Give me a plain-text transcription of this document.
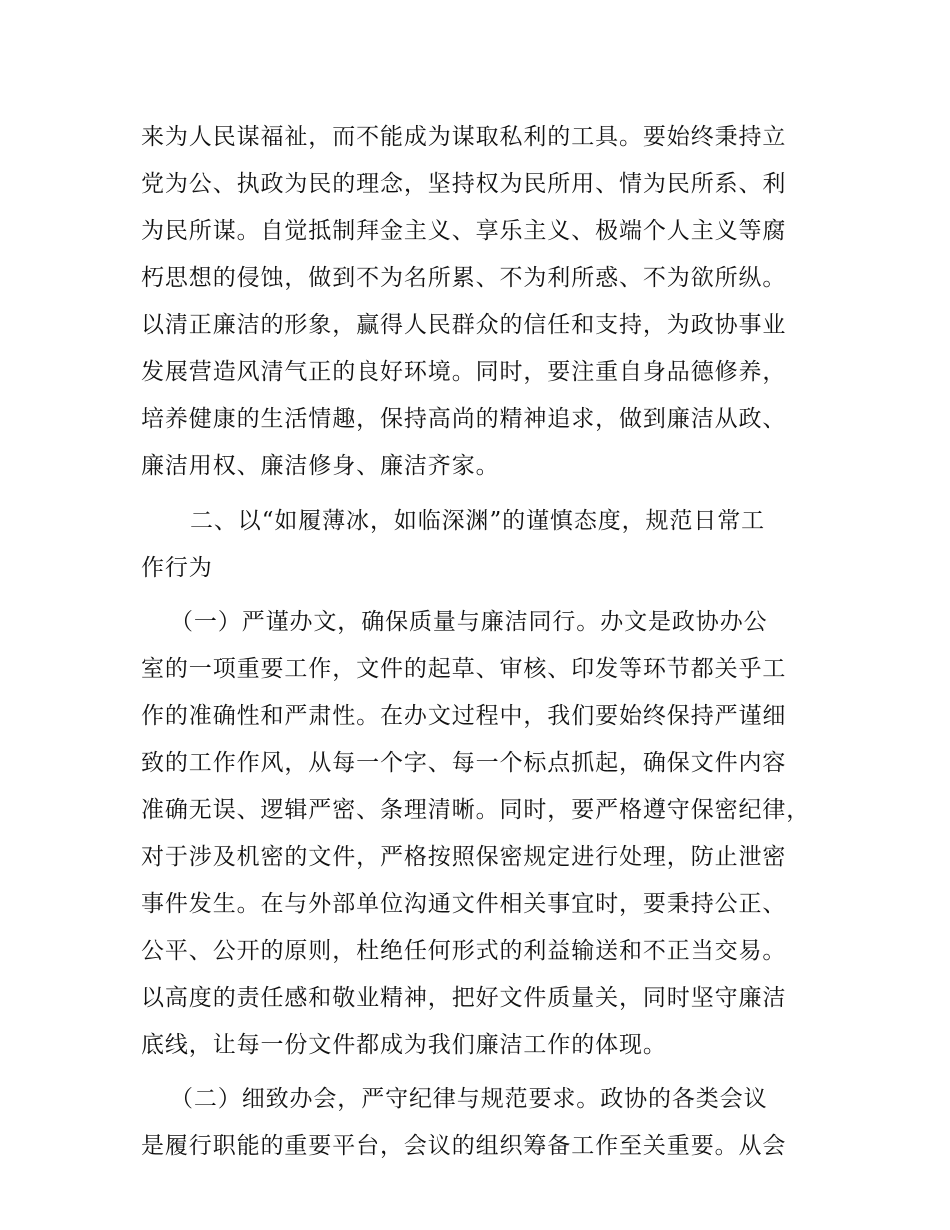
来为人民谋福祉，而不能成为谋取私利的工具。要始终秉持立
党为公、执政为民的理念，坚持权为民所用、情为民所系、利
为民所谋。自觉抵制拜金主义、享乐主义、极端个人主义等腐
朽思想的侵蚀，做到不为名所累、不为利所惑、不为欲所纵。
以清正廉洁的形象，赢得人民群众的信任和支持，为政协事业
发展营造风清气正的良好环境。同时，要注重自身品德修养，
培养健康的生活情趣，保持高尚的精神追求，做到廉洁从政、
廉洁用权、廉洁修身、廉洁齐家。
二、以“如履薄冰，如临深渊”的谨慎态度，规范日常工
作行为
（一）严谨办文，确保质量与廉洁同行。办文是政协办公
室的一项重要工作，文件的起草、审核、印发等环节都关乎工
作的准确性和严肃性。在办文过程中，我们要始终保持严谨细
致的工作作风，从每一个字、每一个标点抓起，确保文件内容
准确无误、逻辑严密、条理清晰。同时，要严格遵守保密纪律，
对于涉及机密的文件，严格按照保密规定进行处理，防止泄密
事件发生。在与外部单位沟通文件相关事宜时，要秉持公正、
公平、公开的原则，杜绝任何形式的利益输送和不正当交易。
以高度的责任感和敬业精神，把好文件质量关，同时坚守廉洁
底线，让每一份文件都成为我们廉洁工作的体现。
（二）细致办会，严守纪律与规范要求。政协的各类会议
是履行职能的重要平台，会议的组织筹备工作至关重要。从会
